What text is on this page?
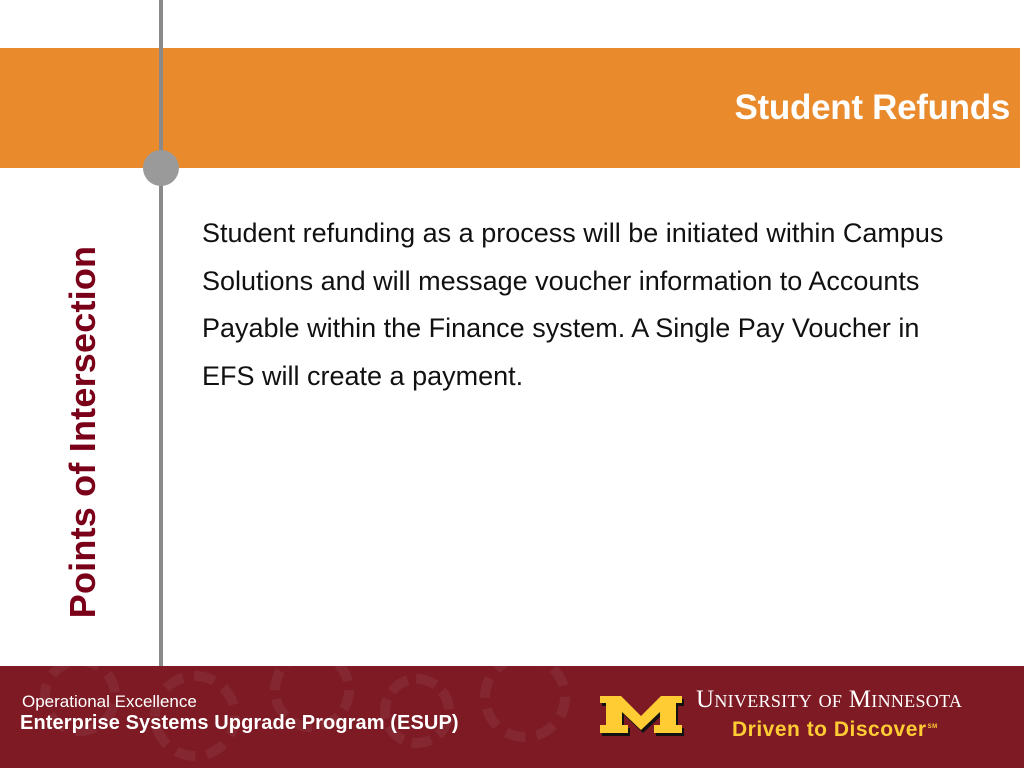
Student Refunds
Points of Intersection

Student refunding as a process will be initiated within Campus Solutions and will message voucher information to Accounts Payable within the Finance system. A Single Pay Voucher in EFS will create a payment.

Operational Excellence
Enterprise Systems Upgrade Program (ESUP)
University of Minnesota
Driven to Discover℠
